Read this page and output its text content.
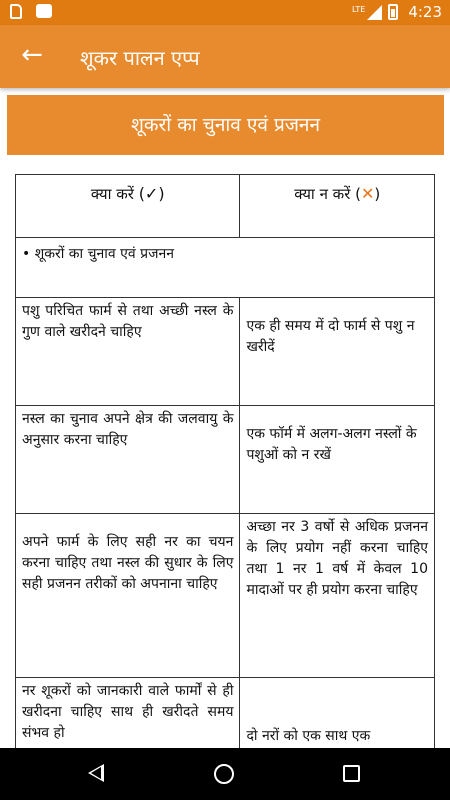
LTE	4:23
← शूकर पालन एप्प
शूकरों का चुनाव एवं प्रजनन
क्या करें (✓)	क्या न करें (✕)
• शूकरों का चुनाव एवं प्रजनन	
पशु परिचित फार्म से तथा अच्छी नस्ल के गुण वाले खरीदने चाहिए	एक ही समय में दो फार्म से पशु न खरीदें
नस्ल का चुनाव अपने क्षेत्र की जलवायु के अनुसार करना चाहिए	एक फॉर्म में अलग-अलग नस्लों के पशुओं को न रखें
अपने फार्म के लिए सही नर का चयन करना चाहिए तथा नस्ल की सुधार के लिए सही प्रजनन तरीकों को अपनाना चाहिए	अच्छा नर 3 वर्षो से अधिक प्रजनन के लिए प्रयोग नहीं करना चाहिए तथा 1 नर 1 वर्ष में केवल 10 मादाओं पर ही प्रयोग करना चाहिए
नर शूकरों को जानकारी वाले फार्मों से ही खरीदना चाहिए साथ ही खरीदते समय संभव हो	दो नरों को एक साथ एक
